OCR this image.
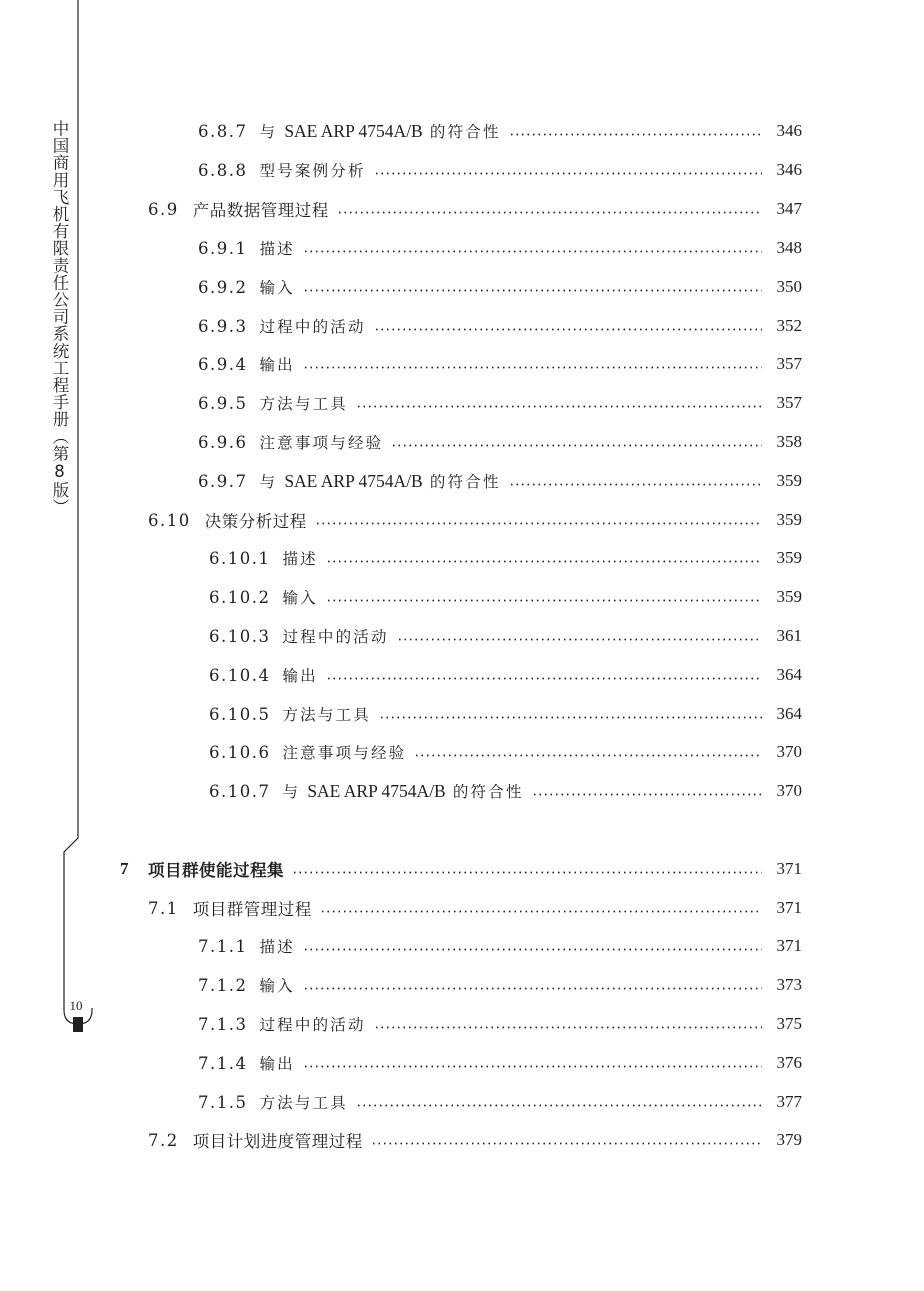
中国商用飞机有限责任公司系统工程手册（第8版）
10
6.8.7 与 SAE ARP 4754A/B 的符合性	346
6.8.8 型号案例分析	346
6.9 产品数据管理过程	347
6.9.1 描述	348
6.9.2 输入	350
6.9.3 过程中的活动	352
6.9.4 输出	357
6.9.5 方法与工具	357
6.9.6 注意事项与经验	358
6.9.7 与 SAE ARP 4754A/B 的符合性	359
6.10 决策分析过程	359
6.10.1 描述	359
6.10.2 输入	359
6.10.3 过程中的活动	361
6.10.4 输出	364
6.10.5 方法与工具	364
6.10.6 注意事项与经验	370
6.10.7 与 SAE ARP 4754A/B 的符合性	370
7 项目群使能过程集	371
7.1 项目群管理过程	371
7.1.1 描述	371
7.1.2 输入	373
7.1.3 过程中的活动	375
7.1.4 输出	376
7.1.5 方法与工具	377
7.2 项目计划进度管理过程	379
